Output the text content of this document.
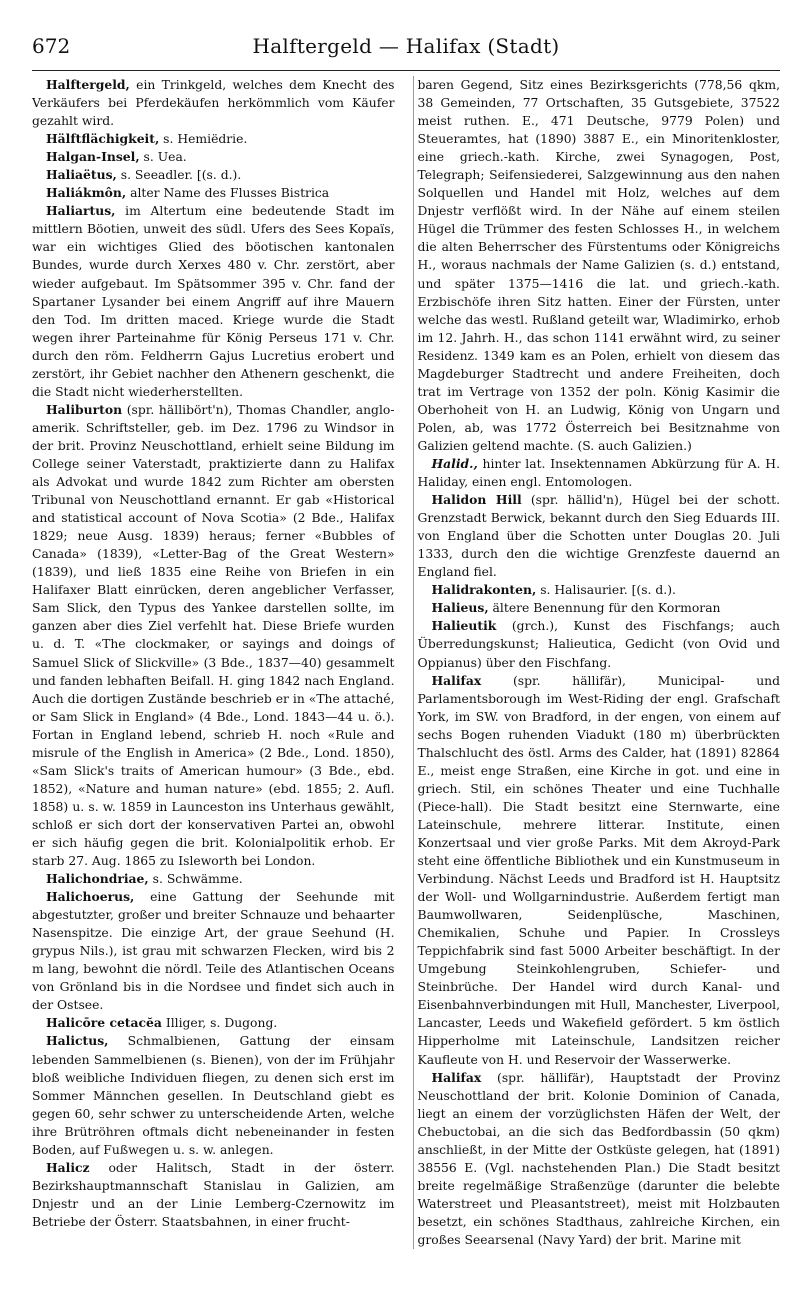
672	Halftergeld — Halifax (Stadt)

Halftergeld, ein Trinkgeld, welches dem Knecht des Verkäufers bei Pferdekäufen herkömmlich vom Käufer gezahlt wird.

Hälftflächigkeit, s. Hemiëdrie.

Halgan-Insel, s. Uea.

Haliaëtus, s. Seeadler. [(s. d.).

Haliákmôn, alter Name des Flusses Bistrica

Haliartus, im Altertum eine bedeutende Stadt im mittlern Böotien, unweit des südl. Ufers des Sees Kopaïs, war ein wichtiges Glied des böotischen kantonalen Bundes, wurde durch Xerxes 480 v. Chr. zerstört, aber wieder aufgebaut. Im Spätsommer 395 v. Chr. fand der Spartaner Lysander bei einem Angriff auf ihre Mauern den Tod. Im dritten maced. Kriege wurde die Stadt wegen ihrer Parteinahme für König Perseus 171 v. Chr. durch den röm. Feldherrn Gajus Lucretius erobert und zerstört, ihr Gebiet nachher den Athenern geschenkt, die die Stadt nicht wiederherstellten.

Haliburton (spr. hällibört'n), Thomas Chandler, anglo-amerik. Schriftsteller, geb. im Dez. 1796 zu Windsor in der brit. Provinz Neuschottland, erhielt seine Bildung im College seiner Vaterstadt, praktizierte dann zu Halifax als Advokat und wurde 1842 zum Richter am obersten Tribunal von Neuschottland ernannt. Er gab «Historical and statistical account of Nova Scotia» (2 Bde., Halifax 1829; neue Ausg. 1839) heraus; ferner «Bubbles of Canada» (1839), «Letter-Bag of the Great Western» (1839), und ließ 1835 eine Reihe von Briefen in ein Halifaxer Blatt einrücken, deren angeblicher Verfasser, Sam Slick, den Typus des Yankee darstellen sollte, im ganzen aber dies Ziel verfehlt hat. Diese Briefe wurden u. d. T. «The clockmaker, or sayings and doings of Samuel Slick of Slickville» (3 Bde., 1837—40) gesammelt und fanden lebhaften Beifall. H. ging 1842 nach England. Auch die dortigen Zustände beschrieb er in «The attaché, or Sam Slick in England» (4 Bde., Lond. 1843—44 u. ö.). Fortan in England lebend, schrieb H. noch «Rule and misrule of the English in America» (2 Bde., Lond. 1850), «Sam Slick's traits of American humour» (3 Bde., ebd. 1852), «Nature and human nature» (ebd. 1855; 2. Aufl. 1858) u. s. w. 1859 in Launceston ins Unterhaus gewählt, schloß er sich dort der konservativen Partei an, obwohl er sich häufig gegen die brit. Kolonialpolitik erhob. Er starb 27. Aug. 1865 zu Isleworth bei London.

Halichondriae, s. Schwämme.

Halichoerus, eine Gattung der Seehunde mit abgestutzter, großer und breiter Schnauze und behaarter Nasenspitze. Die einzige Art, der graue Seehund (H. grypus Nils.), ist grau mit schwarzen Flecken, wird bis 2 m lang, bewohnt die nördl. Teile des Atlantischen Oceans von Grönland bis in die Nordsee und findet sich auch in der Ostsee.

Halicōre cetacĕa Illiger, s. Dugong.

Halictus, Schmalbienen, Gattung der einsam lebenden Sammelbienen (s. Bienen), von der im Frühjahr bloß weibliche Individuen fliegen, zu denen sich erst im Sommer Männchen gesellen. In Deutschland giebt es gegen 60, sehr schwer zu unterscheidende Arten, welche ihre Brütröhren oftmals dicht nebeneinander in festen Boden, auf Fußwegen u. s. w. anlegen.

Halicz oder Halitsch, Stadt in der österr. Bezirkshauptmannschaft Stanislau in Galizien, am Dnjestr und an der Linie Lemberg-Czernowitz im Betriebe der Österr. Staatsbahnen, in einer frucht-

baren Gegend, Sitz eines Bezirksgerichts (778,56 qkm, 38 Gemeinden, 77 Ortschaften, 35 Gutsgebiete, 37522 meist ruthen. E., 471 Deutsche, 9779 Polen) und Steueramtes, hat (1890) 3887 E., ein Minoritenkloster, eine griech.-kath. Kirche, zwei Synagogen, Post, Telegraph; Seifensiederei, Salzgewinnung aus den nahen Solquellen und Handel mit Holz, welches auf dem Dnjestr verflößt wird. In der Nähe auf einem steilen Hügel die Trümmer des festen Schlosses H., in welchem die alten Beherrscher des Fürstentums oder Königreichs H., woraus nachmals der Name Galizien (s. d.) entstand, und später 1375—1416 die lat. und griech.-kath. Erzbischöfe ihren Sitz hatten. Einer der Fürsten, unter welche das westl. Rußland geteilt war, Wladimirko, erhob im 12. Jahrh. H., das schon 1141 erwähnt wird, zu seiner Residenz. 1349 kam es an Polen, erhielt von diesem das Magdeburger Stadtrecht und andere Freiheiten, doch trat im Vertrage von 1352 der poln. König Kasimir die Oberhoheit von H. an Ludwig, König von Ungarn und Polen, ab, was 1772 Österreich bei Besitznahme von Galizien geltend machte. (S. auch Galizien.)

Halid., hinter lat. Insektennamen Abkürzung für A. H. Haliday, einen engl. Entomologen.

Halidon Hill (spr. hällid'n), Hügel bei der schott. Grenzstadt Berwick, bekannt durch den Sieg Eduards III. von England über die Schotten unter Douglas 20. Juli 1333, durch den die wichtige Grenzfeste dauernd an England fiel.

Halidrakonten, s. Halisaurier. [(s. d.).

Halieus, ältere Benennung für den Kormoran

Halieutik (grch.), Kunst des Fischfangs; auch Überredungskunst; Halieutica, Gedicht (von Ovid und Oppianus) über den Fischfang.

Halifax (spr. hällifär), Municipal- und Parlamentsborough im West-Riding der engl. Grafschaft York, im SW. von Bradford, in der engen, von einem auf sechs Bogen ruhenden Viadukt (180 m) überbrückten Thalschlucht des östl. Arms des Calder, hat (1891) 82864 E., meist enge Straßen, eine Kirche in got. und eine in griech. Stil, ein schönes Theater und eine Tuchhalle (Piece-hall). Die Stadt besitzt eine Sternwarte, eine Lateinschule, mehrere litterar. Institute, einen Konzertsaal und vier große Parks. Mit dem Akroyd-Park steht eine öffentliche Bibliothek und ein Kunstmuseum in Verbindung. Nächst Leeds und Bradford ist H. Hauptsitz der Woll- und Wollgarnindustrie. Außerdem fertigt man Baumwollwaren, Seidenplüsche, Maschinen, Chemikalien, Schuhe und Papier. In Crossleys Teppichfabrik sind fast 5000 Arbeiter beschäftigt. In der Umgebung Steinkohlengruben, Schiefer- und Steinbrüche. Der Handel wird durch Kanal- und Eisenbahnverbindungen mit Hull, Manchester, Liverpool, Lancaster, Leeds und Wakefield gefördert. 5 km östlich Hipperholme mit Lateinschule, Landsitzen reicher Kaufleute von H. und Reservoir der Wasserwerke.

Halifax (spr. hällifär), Hauptstadt der Provinz Neuschottland der brit. Kolonie Dominion of Canada, liegt an einem der vorzüglichsten Häfen der Welt, der Chebuctobai, an die sich das Bedfordbassin (50 qkm) anschließt, in der Mitte der Ostküste gelegen, hat (1891) 38556 E. (Vgl. nachstehenden Plan.) Die Stadt besitzt breite regelmäßige Straßenzüge (darunter die belebte Waterstreet und Pleasantstreet), meist mit Holzbauten besetzt, ein schönes Stadthaus, zahlreiche Kirchen, ein großes Seearsenal (Navy Yard) der brit. Marine mit
